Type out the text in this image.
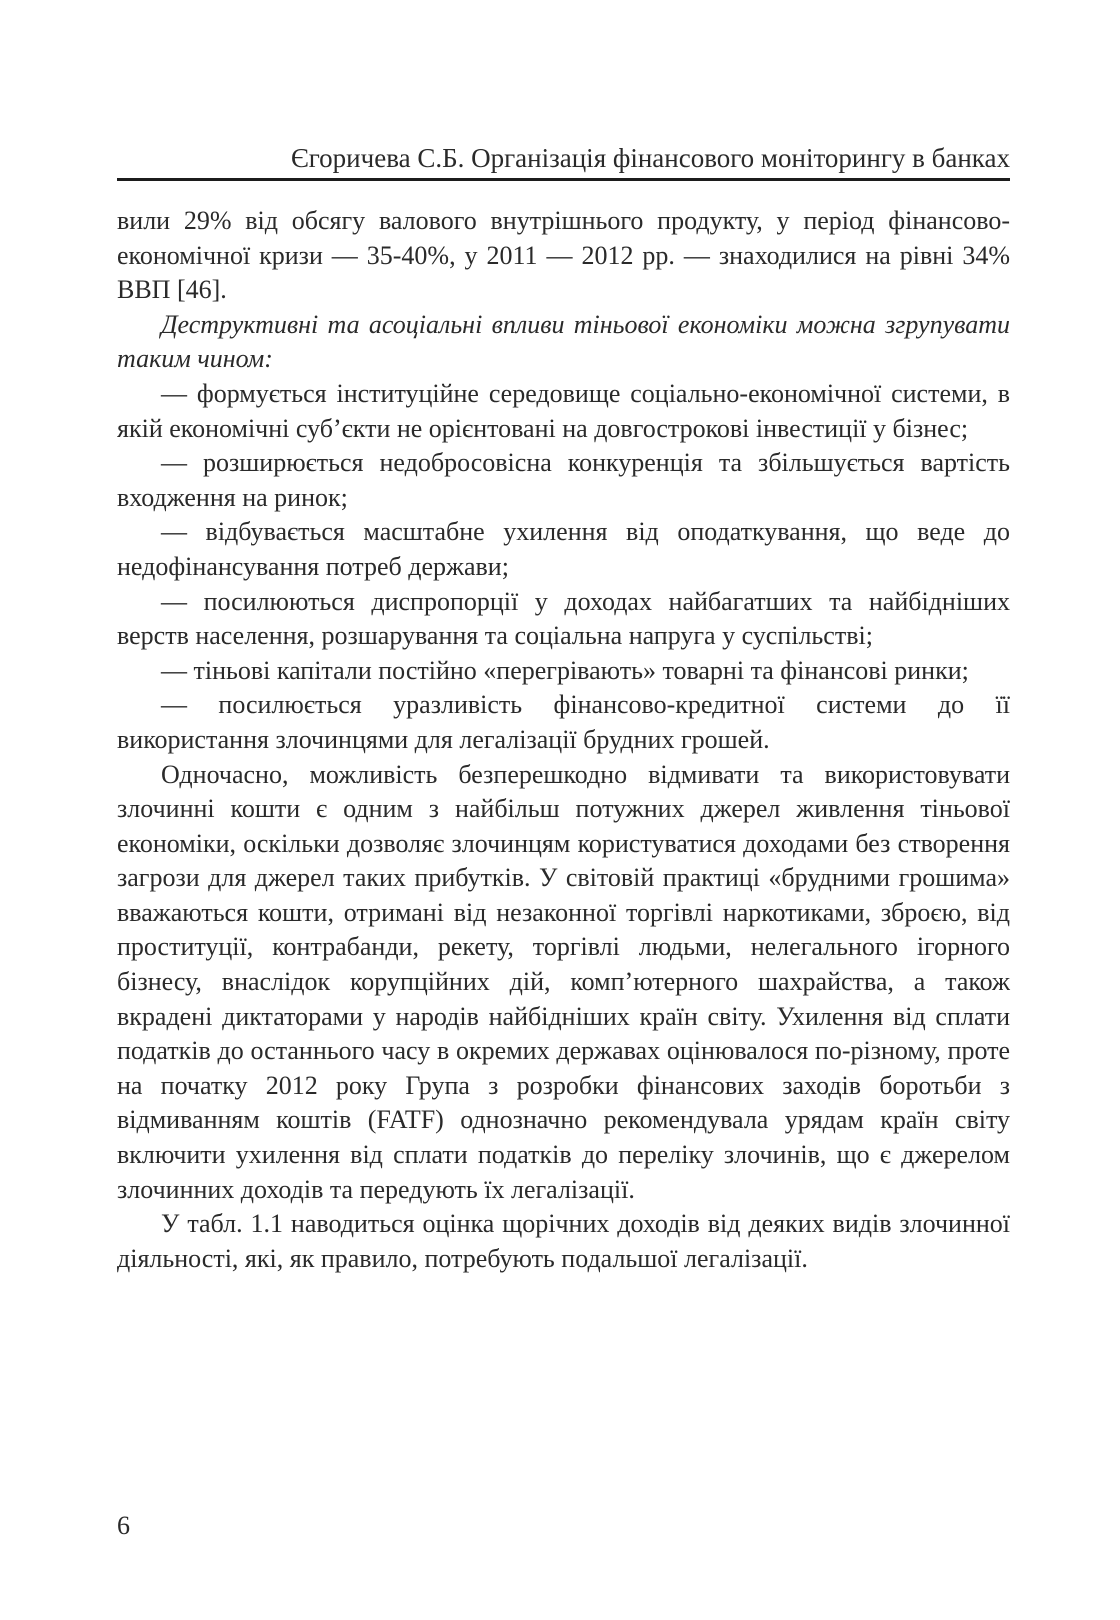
Єгоричева С.Б. Організація фінансового моніторингу в банках

вили 29% від обсягу валового внутрішнього продукту, у період фінансово-економічної кризи — 35-40%, у 2011 — 2012 рр. — знаходилися на рівні 34% ВВП [46].

Деструктивні та асоціальні впливи тіньової економіки можна згрупувати таким чином:

— формується інституційне середовище соціально-економічної системи, в якій економічні суб’єкти не орієнтовані на довгострокові інвестиції у бізнес;

— розширюється недобросовісна конкуренція та збільшується вартість входження на ринок;

— відбувається масштабне ухилення від оподаткування, що веде до недофінансування потреб держави;

— посилюються диспропорції у доходах найбагатших та найбідніших верств населення, розшарування та соціальна напруга у суспільстві;

— тіньові капітали постійно «перегрівають» товарні та фінансові ринки;

— посилюється уразливість фінансово-кредитної системи до її використання злочинцями для легалізації брудних грошей.

Одночасно, можливість безперешкодно відмивати та використовувати злочинні кошти є одним з найбільш потужних джерел живлення тіньової економіки, оскільки дозволяє злочинцям користуватися доходами без створення загрози для джерел таких прибутків. У світовій практиці «брудними грошима» вважаються кошти, отримані від незаконної торгівлі наркотиками, зброєю, від проституції, контрабанди, рекету, торгівлі людьми, нелегального ігорного бізнесу, внаслідок корупційних дій, комп’ютерного шахрайства, а також вкрадені диктаторами у народів найбідніших країн світу. Ухилення від сплати податків до останнього часу в окремих державах оцінювалося по-різному, проте на початку 2012 року Група з розробки фінансових заходів боротьби з відмиванням коштів (FATF) однозначно рекомендувала урядам країн світу включити ухилення від сплати податків до переліку злочинів, що є джерелом злочинних доходів та передують їх легалізації.

У табл. 1.1 наводиться оцінка щорічних доходів від деяких видів злочинної діяльності, які, як правило, потребують подальшої легалізації.

6
